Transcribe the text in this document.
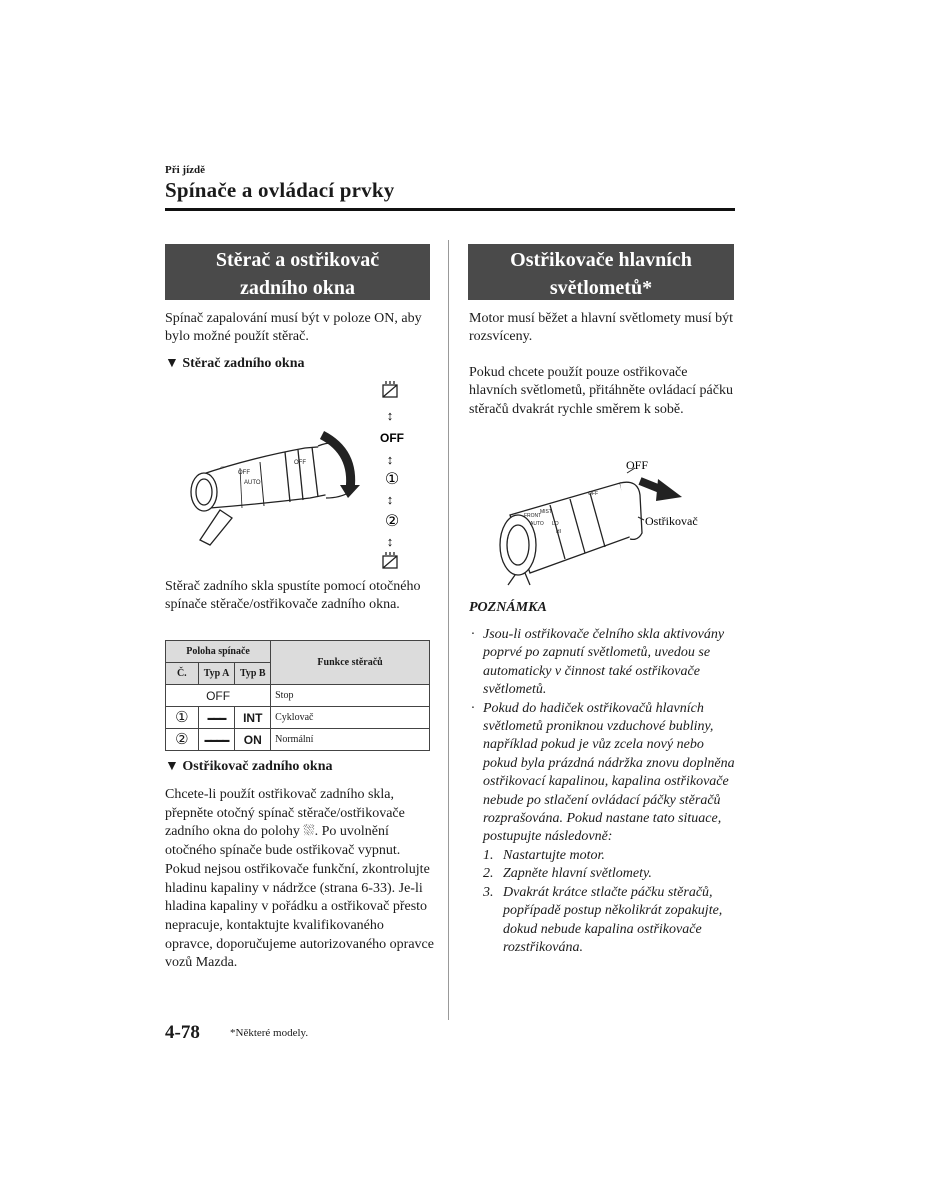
Při jízdě
Spínače a ovládací prvky
Stěrač a ostřikovač
zadního okna
Spínač zapalování musí být v poloze ON, aby bylo možné použít stěrač.
▼ Stěrač zadního okna
OFF
AUTO
OFF
⌒
↕
OFF
↕
①
↕
②
↕
Stěrač zadního skla spustíte pomocí otočného spínače stěrače/ostřikovače zadního okna.
Poloha spínače			Funkce stěračů
Č.	Typ A	Typ B	
OFF			Stop
①	▬▬▬	INT	Cyklovač
②	▬▬▬▬	ON	Normální
▼ Ostřikovač zadního okna
Chcete-li použít ostřikovač zadního skla, přepněte otočný spínač stěrače/ostřikovače zadního okna do polohy ⛆. Po uvolnění otočného spínače bude ostřikovač vypnut. Pokud nejsou ostřikovače funkční, zkontrolujte hladinu kapaliny v nádržce (strana 6-33). Je-li hladina kapaliny v pořádku a ostřikovač přesto nepracuje, kontaktujte kvalifikovaného opravce, doporučujeme autorizovaného opravce vozů Mazda.
Ostřikovače hlavních
světlometů*
Motor musí běžet a hlavní světlomety musí být rozsvíceny.
Pokud chcete použít pouze ostřikovače hlavních světlometů, přitáhněte ovládací páčku stěračů dvakrát rychle směrem k sobě.
FRONT
MIST
AUTO LO
HI
OFF
OFF
Ostřikovač
POZNÁMKA

· Jsou-li ostřikovače čelního skla aktivovány poprvé po zapnutí světlometů, uvedou se automaticky v činnost také ostřikovače světlometů.

· Pokud do hadiček ostřikovačů hlavních světlometů proniknou vzduchové bubliny, například pokud je vůz zcela nový nebo pokud byla prázdná nádržka znovu doplněna ostřikovací kapalinou, kapalina ostřikovače nebude po stlačení ovládací páčky stěračů rozprašována. Pokud nastane tato situace, postupujte následovně:

1. Nastartujte motor.
2. Zapněte hlavní světlomety.
3. Dvakrát krátce stlačte páčku stěračů, popřípadě postup několikrát zopakujte, dokud nebude kapalina ostřikovače rozstřikována.
4-78	*Některé modely.
